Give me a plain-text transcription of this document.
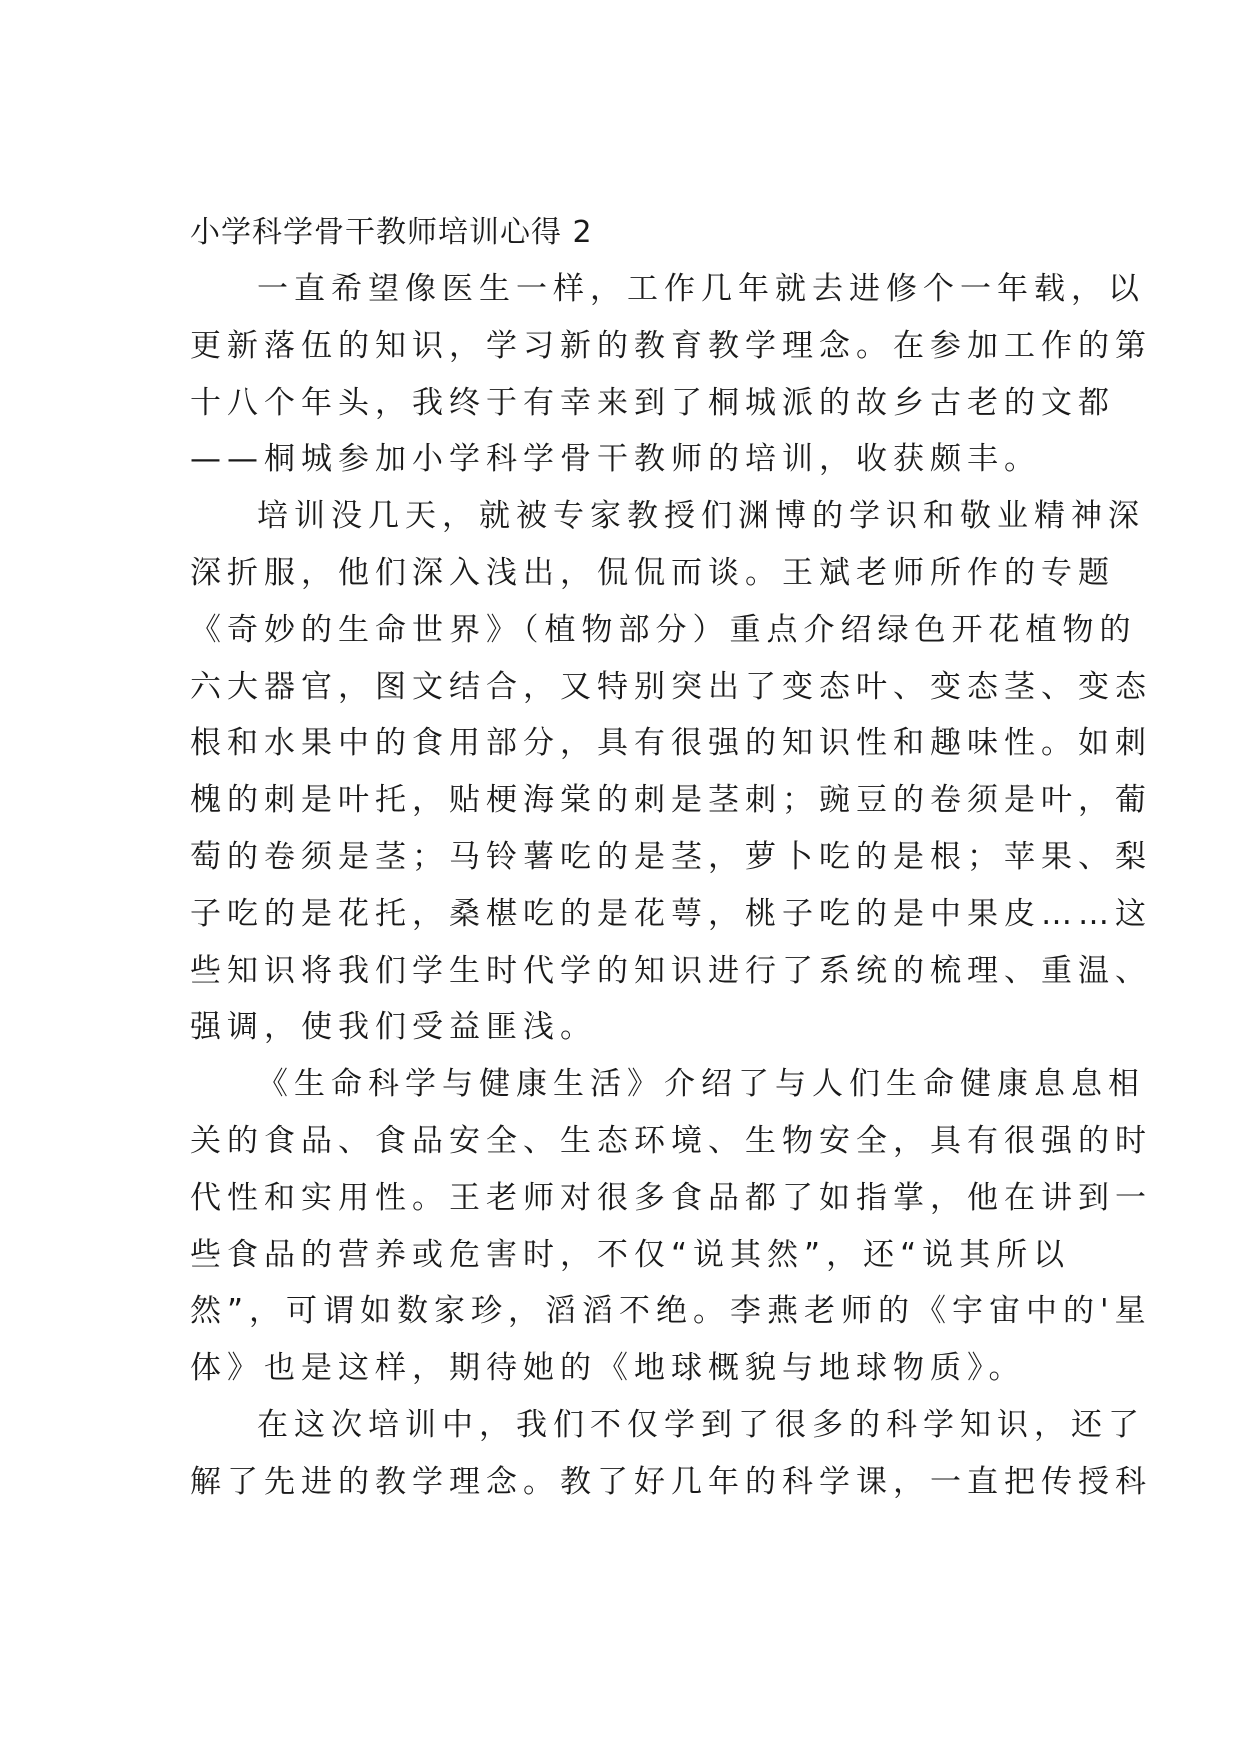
小学科学骨干教师培训心得 2
一直希望像医生一样，工作几年就去进修个一年载，以
更新落伍的知识，学习新的教育教学理念。在参加工作的第
十八个年头，我终于有幸来到了桐城派的故乡古老的文都
——桐城参加小学科学骨干教师的培训，收获颇丰。
培训没几天，就被专家教授们渊博的学识和敬业精神深
深折服，他们深入浅出，侃侃而谈。王斌老师所作的专题
《奇妙的生命世界》（植物部分）重点介绍绿色开花植物的
六大器官，图文结合，又特别突出了变态叶、变态茎、变态
根和水果中的食用部分，具有很强的知识性和趣味性。如刺
槐的刺是叶托，贴梗海棠的刺是茎刺；豌豆的卷须是叶，葡
萄的卷须是茎；马铃薯吃的是茎，萝卜吃的是根；苹果、梨
子吃的是花托，桑椹吃的是花萼，桃子吃的是中果皮……这
些知识将我们学生时代学的知识进行了系统的梳理、重温、
强调，使我们受益匪浅。
《生命科学与健康生活》介绍了与人们生命健康息息相
关的食品、食品安全、生态环境、生物安全，具有很强的时
代性和实用性。王老师对很多食品都了如指掌，他在讲到一
些食品的营养或危害时，不仅“说其然”，还“说其所以
然”，可谓如数家珍，滔滔不绝。李燕老师的《宇宙中的'星
体》也是这样，期待她的《地球概貌与地球物质》。
在这次培训中，我们不仅学到了很多的科学知识，还了
解了先进的教学理念。教了好几年的科学课，一直把传授科
